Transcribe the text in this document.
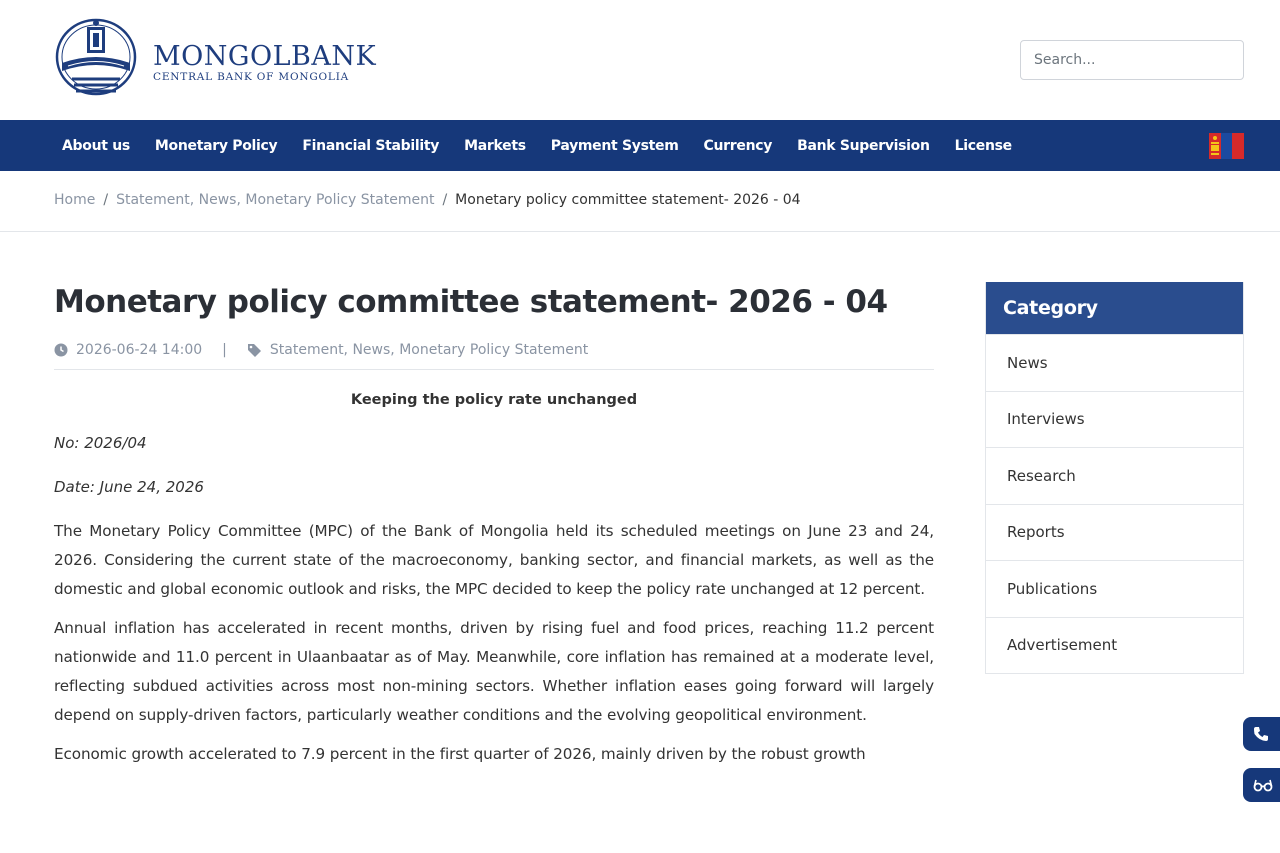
MONGOLBANK
CENTRAL BANK OF MONGOLIA
Search...
About us	Monetary Policy	Financial Stability	Markets	Payment System	Currency	Bank Supervision	License
Home / Statement, News, Monetary Policy Statement / Monetary policy committee statement- 2026 - 04
Monetary policy committee statement- 2026 - 04
2026-06-24 14:00 |	Statement, News, Monetary Policy Statement
Keeping the policy rate unchanged
No: 2026/04
Date: June 24, 2026

The Monetary Policy Committee (MPC) of the Bank of Mongolia held its scheduled meetings on June 23 and 24, 2026. Considering the current state of the macroeconomy, banking sector, and financial markets, as well as the domestic and global economic outlook and risks, the MPC decided to keep the policy rate unchanged at 12 percent.

Annual inflation has accelerated in recent months, driven by rising fuel and food prices, reaching 11.2 percent nationwide and 11.0 percent in Ulaanbaatar as of May. Meanwhile, core inflation has remained at a moderate level, reflecting subdued activities across most non-mining sectors. Whether inflation eases going forward will largely depend on supply-driven factors, particularly weather conditions and the evolving geopolitical environment.

Economic growth accelerated to 7.9 percent in the first quarter of 2026, mainly driven by the robust growth

Category
News
Interviews
Research
Reports
Publications
Advertisement
